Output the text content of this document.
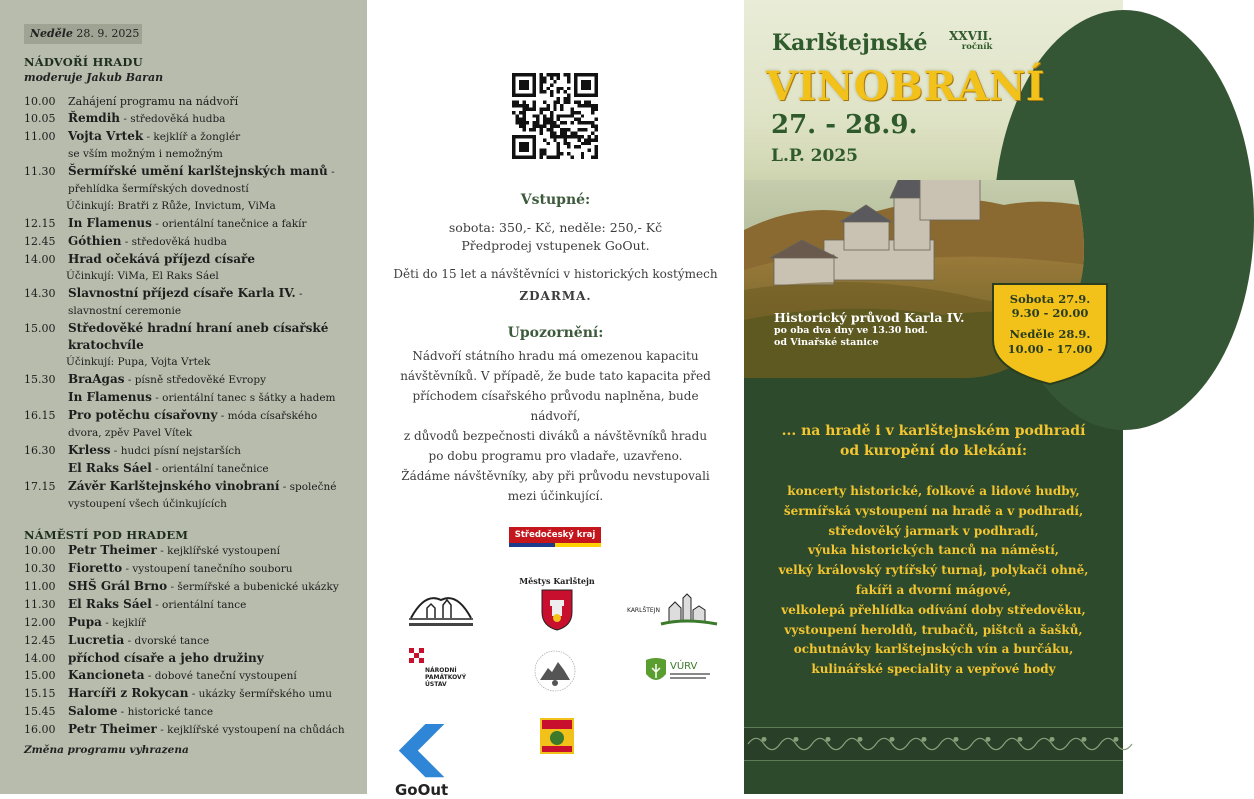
Neděle 28. 9. 2025
NÁDVOŘÍ HRADU
moderuje Jakub Baran
10.00	Zahájení programu na nádvoří
10.05	Řemdih - středověká hudba
11.00	Vojta Vrtek - kejklíř a žonglér
se vším možným i nemožným
11.30	Šermířské umění karlštejnských manů -
přehlídka šermířských dovedností
Účinkují: Bratři z Růže, Invictum, ViMa
12.15	In Flamenus - orientální tanečnice a fakír
12.45	Góthien - středověká hudba
14.00	Hrad očekává příjezd císaře
Účinkují: ViMa, El Raks Sáel
14.30	Slavnostní příjezd císaře Karla IV. -
slavnostní ceremonie
15.00	Středověké hradní hraní aneb císařské kratochvíle
Účinkují: Pupa, Vojta Vrtek
15.30	BraAgas - písně středověké Evropy
In Flamenus - orientální tanec s šátky a hadem
16.15	Pro potěchu císařovny - móda císařského
dvora, zpěv Pavel Vítek
16.30	Krless - hudci písní nejstarších
El Raks Sáel - orientální tanečnice
17.15	Závěr Karlštejnského vinobraní - společné
vystoupení všech účinkujících
NÁMĚSTÍ POD HRADEM
10.00	Petr Theimer - kejklířské vystoupení
10.30	Fioretto - vystoupení tanečního souboru
11.00	SHŠ Grál Brno - šermířské a bubenické ukázky
11.30	El Raks Sáel - orientální tance
12.00	Pupa - kejklíř
12.45	Lucretia - dvorské tance
14.00	příchod císaře a jeho družiny
15.00	Kancioneta - dobové taneční vystoupení
15.15	Harcíři z Rokycan - ukázky šermířského umu
15.45	Salome - historické tance
16.00	Petr Theimer - kejklířské vystoupení na chůdách
Změna programu vyhrazena
Vstupné:
sobota: 350,- Kč, neděle: 250,- Kč
Předprodej vstupenek GoOut.
Děti do 15 let a návštěvníci v historických kostýmech
ZDARMA.
Upozornění:
Nádvoří státního hradu má omezenou kapacitu
návštěvníků. V případě, že bude tato kapacita před
příchodem císařského průvodu naplněna, bude nádvoří,
z důvodů bezpečnosti diváků a návštěvníků hradu
po dobu programu pro vladaře, uzavřeno.
Žádáme návštěvníky, aby při průvodu nevstupovali
mezi účinkující.
Středočeský kraj
Městys Karlštejn
KARLŠTEJN
NÁRODNÍ
PAMÁTKOVÝ
ÚSTAV
VÚRV
GoOut
Karlštejnské XXVII.
ročník
VINOBRANÍ
27. - 28.9.
L.P. 2025
Historický průvod Karla IV.
po oba dva dny ve 13.30 hod.
od Vinařské stanice
Sobota 27.9.
9.30 - 20.00
Neděle 28.9.
10.00 - 17.00
... na hradě i v karlštejnském podhradí
od kuropění do klekání:
koncerty historické, folkové a lidové hudby,
šermířská vystoupení na hradě a v podhradí,
středověký jarmark v podhradí,
výuka historických tanců na náměstí,
velký královský rytířský turnaj, polykači ohně,
fakíři a dvorní mágové,
velkolepá přehlídka odívání doby středověku,
vystoupení heroldů, trubačů, pištců a šašků,
ochutnávky karlštejnských vín a burčáku,
kulinářské speciality a vepřové hody
